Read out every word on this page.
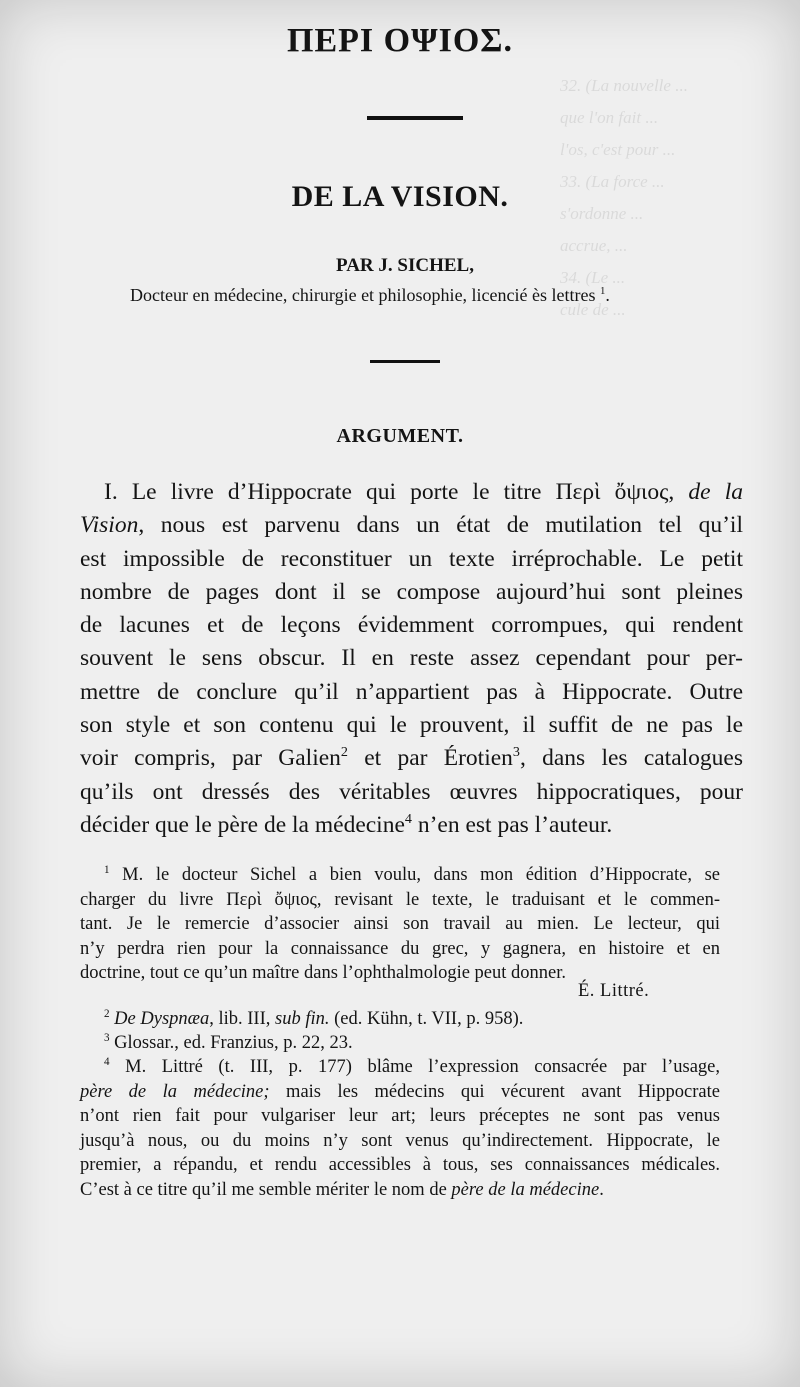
32. (La nouvelle ...
que l'on fait ...
l'os, c'est pour ...
33. (La force ...
s'ordonne ...
accrue, ...
34. (Le ...
cule de ...
ΠΕΡΙ ΟΨΙΟΣ.
DE LA VISION.
PAR J. SICHEL,
Docteur en médecine, chirurgie et philosophie, licencié ès lettres $^1$.
ARGUMENT.
I. Le livre d’Hippocrate qui porte le titre Περὶ ὄψιος, de la
Vision, nous est parvenu dans un état de mutilation tel qu’il
est impossible de reconstituer un texte irréprochable. Le petit
nombre de pages dont il se compose aujourd’hui sont pleines
de lacunes et de leçons évidemment corrompues, qui rendent
souvent le sens obscur. Il en reste assez cependant pour per-
mettre de conclure qu’il n’appartient pas à Hippocrate. Outre
son style et son contenu qui le prouvent, il suffit de ne pas le
voir compris, par Galien$^2$ et par Érotien$^3$, dans les catalogues
qu’ils ont dressés des véritables œuvres hippocratiques, pour
décider que le père de la médecine$^4$ n’en est pas l’auteur.
$^1$ M. le docteur Sichel a bien voulu, dans mon édition d’Hippocrate, se
charger du livre Περὶ ὄψιος, revisant le texte, le traduisant et le commen-
tant. Je le remercie d’associer ainsi son travail au mien. Le lecteur, qui
n’y perdra rien pour la connaissance du grec, y gagnera, en histoire et en
doctrine, tout ce qu’un maître dans l’ophthalmologie peut donner.
É. Littré.
$^2$ De Dyspnæa, lib. III, sub fin. (ed. Kühn, t. VII, p. 958).
$^3$ Glossar., ed. Franzius, p. 22, 23.
$^4$ M. Littré (t. III, p. 177) blâme l’expression consacrée par l’usage,
père de la médecine; mais les médecins qui vécurent avant Hippocrate
n’ont rien fait pour vulgariser leur art; leurs préceptes ne sont pas venus
jusqu’à nous, ou du moins n’y sont venus qu’indirectement. Hippocrate, le
premier, a répandu, et rendu accessibles à tous, ses connaissances médicales.
C’est à ce titre qu’il me semble mériter le nom de père de la médecine.
